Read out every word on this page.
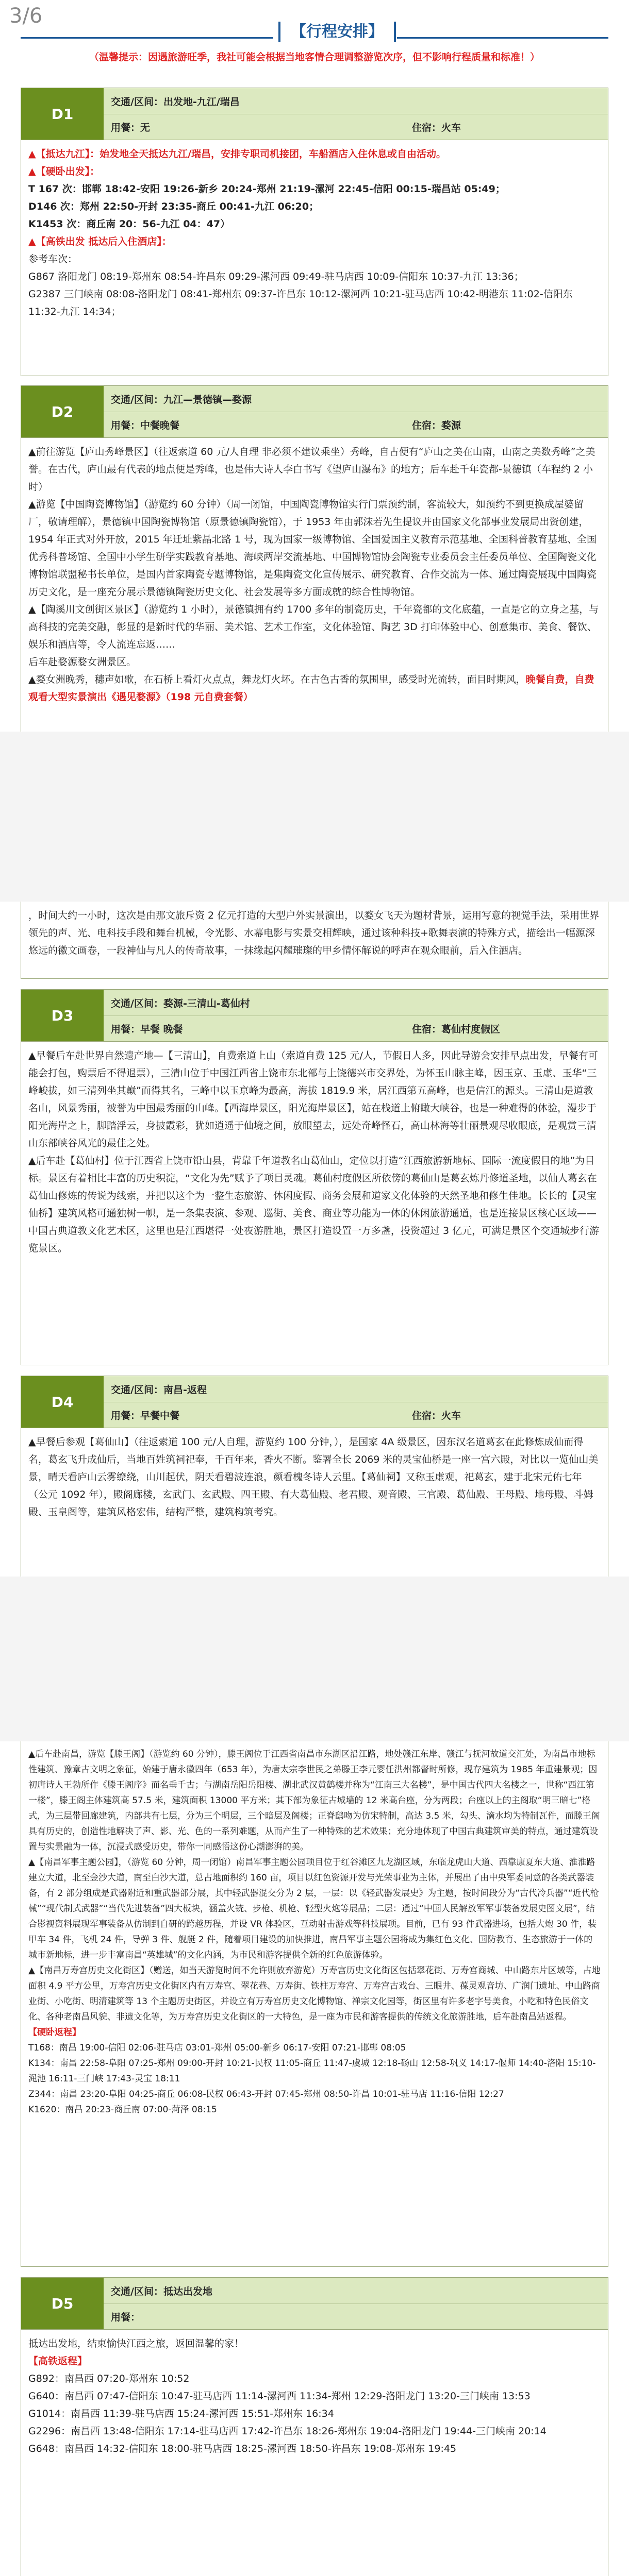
3/6
【行程安排】
（温馨提示：因遇旅游旺季，我社可能会根据当地客情合理调整游览次序，但不影响行程质量和标准！）
D1
交通/区间：出发地-九江/瑞昌
用餐：无	住宿：火车

▲【抵达九江】：始发地全天抵达九江/瑞昌，安排专职司机接团，车船酒店入住休息或自由活动。

▲【硬卧出发】：

T 167 次：邯郸 18:42-安阳 19:26-新乡 20:24-郑州 21:19-漯河 22:45-信阳 00:15-瑞昌站 05:49；

D146 次：郑州 22:50-开封 23:35-商丘 00:41-九江 06:20；

K1453 次：商丘南 20：56-九江 04：47）

▲【高铁出发 抵达后入住酒店】：

参考车次：

G867 洛阳龙门 08:19-郑州东 08:54-许昌东 09:29-漯河西 09:49-驻马店西 10:09-信阳东 10:37-九江 13:36；

G2387 三门峡南 08:08-洛阳龙门 08:41-郑州东 09:37-许昌东 10:12-漯河西 10:21-驻马店西 10:42-明港东 11:02-信阳东 11:32-九江 14:34；

D2
交通/区间：九江—景德镇—婺源
用餐：中餐晚餐	住宿：婺源

▲前往游览【庐山秀峰景区】（往返索道 60 元/人自理 非必须不建议乘坐）秀峰，自古便有“庐山之美在山南，山南之美数秀峰”之美誉。在古代，庐山最有代表的地点便是秀峰，也是伟大诗人李白书写《望庐山瀑布》的地方；后车赴千年瓷都-景德镇（车程约 2 小时）

▲游览【中国陶瓷博物馆】（游览约 60 分钟）（周一闭馆，中国陶瓷博物馆实行门票预约制，客流较大，如预约不到更换成屋婆留厂，敬请理解），景德镇中国陶瓷博物馆（原景德镇陶瓷馆），于 1953 年由郭沫若先生提议并由国家文化部事业发展局出资创建，1954 年正式对外开放，2015 年迁址紫晶北路 1 号，现为国家一级博物馆、全国爱国主义教育示范基地、全国科普教育基地、全国优秀科普场馆、全国中小学生研学实践教育基地、海峡两岸交流基地、中国博物馆协会陶瓷专业委员会主任委员单位、全国陶瓷文化博物馆联盟秘书长单位，是国内首家陶瓷专题博物馆，是集陶瓷文化宣传展示、研究教育、合作交流为一体、通过陶瓷展现中国陶瓷历史文化，是一座充分展示景德镇陶瓷历史文化、社会发展等多方面成就的综合性博物馆。

▲【陶溪川文创街区景区】（游览约 1 小时），景德镇拥有约 1700 多年的制瓷历史，千年瓷都的文化底蕴，一直是它的立身之基，与高科技的完美交融，彰显的是新时代的华丽、美术馆、艺术工作室，文化体验馆、陶艺 3D 打印体验中心、创意集市、美食、餐饮、娱乐和酒店等，令人流连忘返……

后车赴婺源婺女洲景区。

▲婺女洲晚秀，穗声如歌，在石桥上看灯火点点，舞龙灯火坏。在古色古香的氛围里，感受时光流转，面目时期风，晚餐自费，自费观看大型实景演出《遇见婺源》（198 元自费套餐）

，时间大约一小时，这次是由那文旅斥资 2 亿元打造的大型户外实景演出，以婺女飞天为题材背景，运用写意的视觉手法，采用世界领先的声、光、电科技手段和舞台机械，令光影、水幕电影与实景交相辉映，通过该种科技+歌舞表演的特殊方式，描绘出一幅源深悠远的徽文画卷，一段神仙与凡人的传奇故事，一抹缘起闪耀璀璨的甲乡情怀解说的呼声在观众眼前，后入住酒店。
D3
交通/区间：婺源-三清山-葛仙村
用餐：早餐 晚餐	住宿：葛仙村度假区

▲早餐后车赴世界自然遗产地—【三清山】，自费索道上山（索道自费 125 元/人，节假日人多，因此导游会安排早点出发，早餐有可能会打包，购票后不得退票），三清山位于中国江西省上饶市东北部与上饶德兴市交界处，为怀玉山脉主峰，因玉京、玉虚、玉华“三峰峻拔，如三清列坐其巅”而得其名，三峰中以玉京峰为最高，海拔 1819.9 米，居江西第五高峰，也是信江的源头。三清山是道教名山，风景秀丽，被誉为中国最秀丽的山峰。【西海岸景区，阳光海岸景区】，站在栈道上俯瞰大峡谷，也是一种难得的体验，漫步于阳光海岸之上，脚踏浮云，身披霞彩，犹如逍遥于仙境之间，放眼望去，远处奇峰怪石，高山林海等壮丽景观尽收眼底，是观赏三清山东部峡谷风光的最佳之处。

▲后车赴【葛仙村】位于江西省上饶市铅山县，背靠千年道教名山葛仙山，定位以打造“江西旅游新地标、国际一流度假目的地”为目标。景区有着相比丰富的历史积淀，“文化为先”赋予了项目灵魂。葛仙村度假区所依傍的葛仙山是葛玄炼丹修道圣地，以仙人葛玄在葛仙山修炼的传说为线索，并把以这个为一整生态旅游、休闲度假、商务会展和道家文化体验的天然圣地和修生佳地。长长的【灵宝仙桥】建筑风格可通独树一帜，是一条集表演、参观、巡街、美食、商业等功能为一体的休闲旅游通道，也是连接景区核心区域——中国古典道教文化艺术区，这里也是江西堪得一处夜游胜地，景区打造设置一万多盏，投资超过 3 亿元，可满足景区个交通城步行游览景区。

D4
交通/区间：南昌-返程
用餐：早餐中餐	住宿：火车

▲早餐后参观【葛仙山】（往返索道 100 元/人自理，游览约 100 分钟，），是国家 4A 级景区，因东汉名道葛玄在此修炼成仙而得名，葛玄飞升成仙后，当地百姓筑祠祀奉，千百年来，香火不断。鉴署全长 2069 米的灵宝仙桥是一座一宫六殿，对比以一览仙山美景，晴天看庐山云雾缭绕，山川起伏，阴天看碧波连浪，颜看槐冬诗人云里。【葛仙祠】又称玉虚观，祀葛玄，建于北宋元佑七年（公元 1092 年），殿阁廊楼，玄武门、玄武殿、四王殿、有大葛仙殿、老君殿、观音殿、三官殿、葛仙殿、王母殿、地母殿、斗姆殿、玉皇阁等，建筑风格宏伟，结构严整，建筑构筑考究。

▲后车赴南昌，游览【滕王阁】（游览约 60 分钟），滕王阁位于江西省南昌市东湖区沿江路，地处赣江东岸、赣江与抚河故道交汇处，为南昌市地标性建筑、豫章古文明之象征，始建于唐永徽四年（653 年），为唐太宗李世民之弟滕王李元婴任洪州都督时所修，现存建筑为 1985 年重建景观；因初唐诗人王勃所作《滕王阁序》而名垂千古；与湖南岳阳岳阳楼、湖北武汉黄鹤楼并称为“江南三大名楼”，是中国古代四大名楼之一，世称“西江第一楼”，滕王阁主体建筑高 57.5 米，建筑面积 13000 平方米；其下部为象征古城墙的 12 米高台座，分为两段；台座以上的主阁取“明三暗七”格式，为三层带回廊建筑，内部共有七层，分为三个明层，三个暗层及阁楼；正脊鸱吻为仿宋特制，高达 3.5 米，勾头、滴水均为特制瓦件，而滕王阁具有历史的，创造性地解决了声、影、光、色的一系列难题，从而产生了一种特殊的艺术效果；充分地体现了中国古典建筑审美的特点，通过建筑设置与实景融为一体，沉浸式感受历史，带你一同感悟这份心潮澎湃的美。

▲【南昌军事主题公园】，（游览 60 分钟，周一闭馆）南昌军事主题公园项目位于红谷滩区九龙湖区域，东临龙虎山大道、西靠康夏东大道、淮淮路建立大道，北至金沙大道，南至白沙大道，总占地面积约 160 亩，项目以红色资源开发与光荣事业为主体，并展出了由中央军委同意的各类武器装备，有 2 部分组成是武器附近和重武器部分展，其中轻武器混交分为 2 层，一层：以《轻武器发展史》为主题，按时间段分为“古代冷兵器”“近代枪械”“现代制式武器”“当代先进装备”四大板块，涵盖火铳、步枪、机枪、轻型火炮等展品；二层：通过“中国人民解放军军事装备发展史图文展”，结合影视资料展现军事装备从仿制到自研的跨越历程，并设 VR 体验区，互动射击游戏等科技展项。目前，已有 93 件武器进场，包括大炮 30 件，装甲车 34 件，飞机 24 件，导弹 3 件、舰艇 2 件，随着项目建设的加快推进，南昌军事主题公园将成为集红色文化、国防教育、生态旅游于一体的城市新地标，进一步丰富南昌“英雄城”的文化内涵，为市民和游客提供全新的红色旅游体验。

▲【南昌万寿宫历史文化街区】（赠送，如当天游览时间不允许则放弃游览）万寿宫历史文化街区包括翠花街、万寿宫商城、中山路东片区域等，占地面积 4.9 平方公里，万寿宫历史文化街区内有万寿宫、翠花巷、万寿街、铁柱万寿宫、万寿宫古戏台、三眼井、葆灵观音坊、广润门遗址、中山路商业街、小吃街、明清建筑等 13 个主题历史街区，并设立有万寿宫历史文化博物馆、禅宗文化园等，街区里有许多老字号美食，小吃和特色民俗文化、各种老南昌风貌、非遗文化等，为万寿宫历史文化街区的一大特色，是一座为市民和游客提供的传统文化旅游胜地，后车赴南昌站返程。

【硬卧返程】

T168：南昌 19:00-信阳 02:06-驻马店 03:01-郑州 05:00-新乡 06:17-安阳 07:21-邯郸 08:05

K134：南昌 22:58-阜阳 07:25-郑州 09:00-开封 10:21-民权 11:05-商丘 11:47-虞城 12:18-砀山 12:58-巩义 14:17-偃师 14:40-洛阳 15:10-渑池 16:11-三门峡 17:43-灵宝 18:11

Z344：南昌 23:20-阜阳 04:25-商丘 06:08-民权 06:43-开封 07:45-郑州 08:50-许昌 10:01-驻马店 11:16-信阳 12:27

K1620：南昌 20:23-商丘南 07:00-菏泽 08:15

D5
交通/区间：抵达出发地
用餐：

抵达出发地，结束愉快江西之旅，返回温馨的家！

【高铁返程】

G892：南昌西 07:20-郑州东 10:52

G640：南昌西 07:47-信阳东 10:47-驻马店西 11:14-漯河西 11:34-郑州 12:29-洛阳龙门 13:20-三门峡南 13:53

G1014：南昌西 11:39-驻马店西 15:24-漯河西 15:51-郑州东 16:34

G2296：南昌西 13:48-信阳东 17:14-驻马店西 17:42-许昌东 18:26-郑州东 19:04-洛阳龙门 19:44-三门峡南 20:14

G648：南昌西 14:32-信阳东 18:00-驻马店西 18:25-漯河西 18:50-许昌东 19:08-郑州东 19:45
